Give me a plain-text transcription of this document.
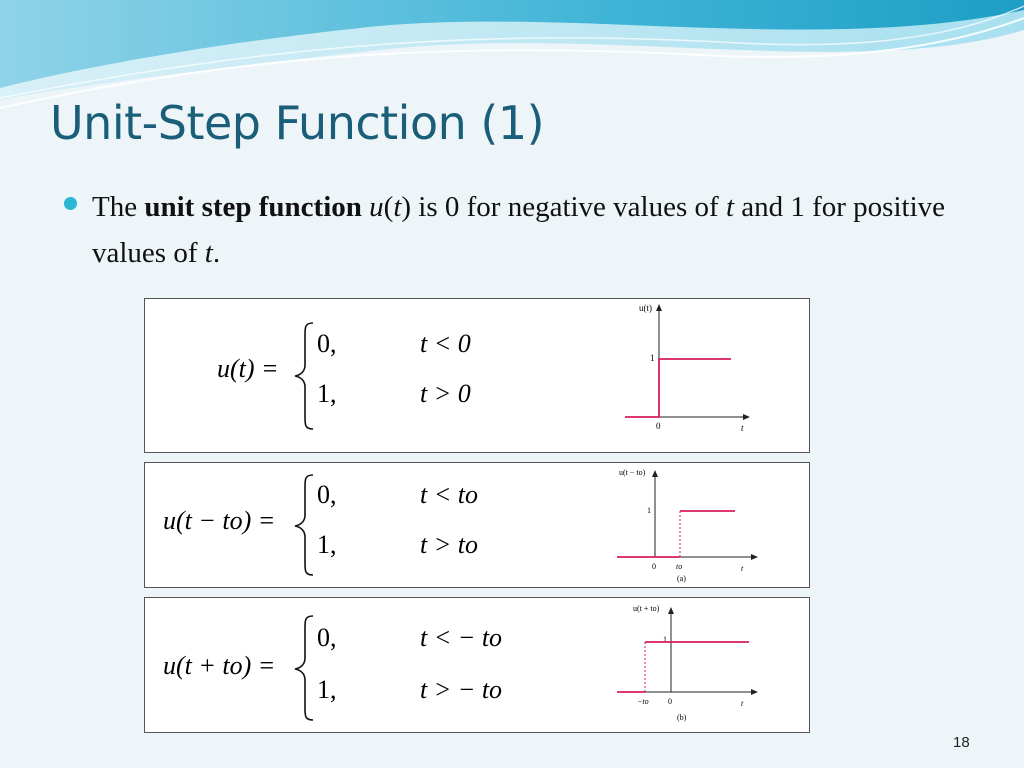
Unit-Step Function (1)
The unit step function u(t) is 0 for negative values of t and 1 for positive values of t.
u(t) =
0,	t < 0
1,	t > 0
u(t)
1
0	t
u(t − to) =
0,	t < to
1,	t > to
u(t − to)
1
0	to	t
(a)
u(t + to) =
0,	t < − to
1,	t > − to
u(t + to)
1
0
−to	t
(b)
18
